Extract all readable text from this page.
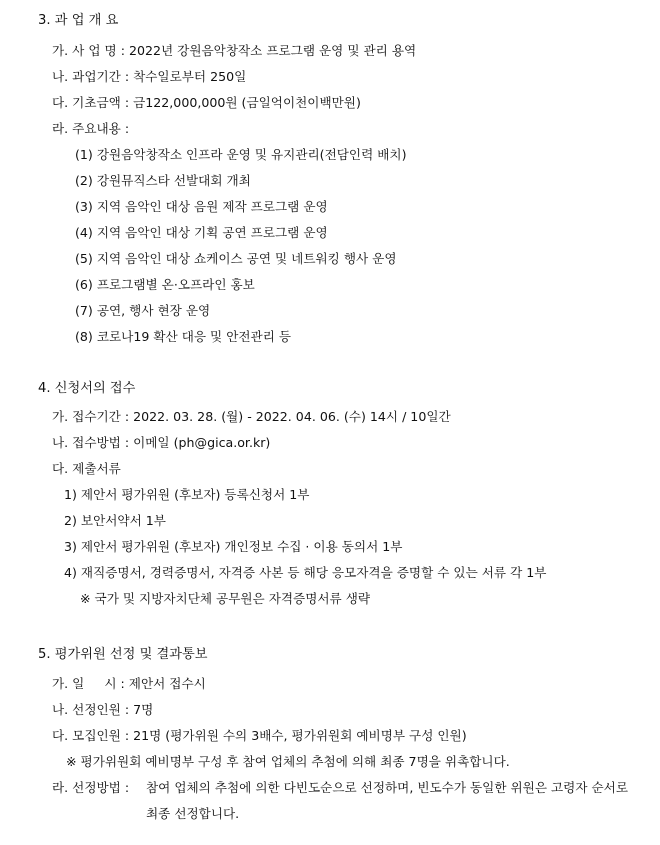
3. 과 업 개 요
가. 사 업 명 : 2022년 강원음악창작소 프로그램 운영 및 관리 용역
나. 과업기간 : 착수일로부터 250일
다. 기초금액 : 금122,000,000원 (금일억이천이백만원)
라. 주요내용 :
(1) 강원음악창작소 인프라 운영 및 유지관리(전담인력 배치)
(2) 강원뮤직스타 선발대회 개최
(3) 지역 음악인 대상 음원 제작 프로그램 운영
(4) 지역 음악인 대상 기획 공연 프로그램 운영
(5) 지역 음악인 대상 쇼케이스 공연 및 네트워킹 행사 운영
(6) 프로그램별 온·오프라인 홍보
(7) 공연, 행사 현장 운영
(8) 코로나19 확산 대응 및 안전관리 등
4. 신청서의 접수
가. 접수기간 : 2022. 03. 28. (월) - 2022. 04. 06. (수) 14시 / 10일간
나. 접수방법 : 이메일 (ph@gica.or.kr)
다. 제출서류
1) 제안서 평가위원 (후보자) 등록신청서 1부
2) 보안서약서 1부
3) 제안서 평가위원 (후보자) 개인정보 수집 · 이용 동의서 1부
4) 재직증명서, 경력증명서, 자격증 사본 등 해당 응모자격을 증명할 수 있는 서류 각 1부
※ 국가 및 지방자치단체 공무원은 자격증명서류 생략
5. 평가위원 선정 및 결과통보
가. 일     시 : 제안서 접수시
나. 선정인원 : 7명
다. 모집인원 : 21명 (평가위원 수의 3배수, 평가위원회 예비명부 구성 인원)
※ 평가위원회 예비명부 구성 후 참여 업체의 추첨에 의해 최종 7명을 위촉합니다.
라. 선정방법 : 참여 업체의 추첨에 의한 다빈도순으로 선정하며, 빈도수가 동일한 위원은 고령자 순서로 최종 선정합니다.
